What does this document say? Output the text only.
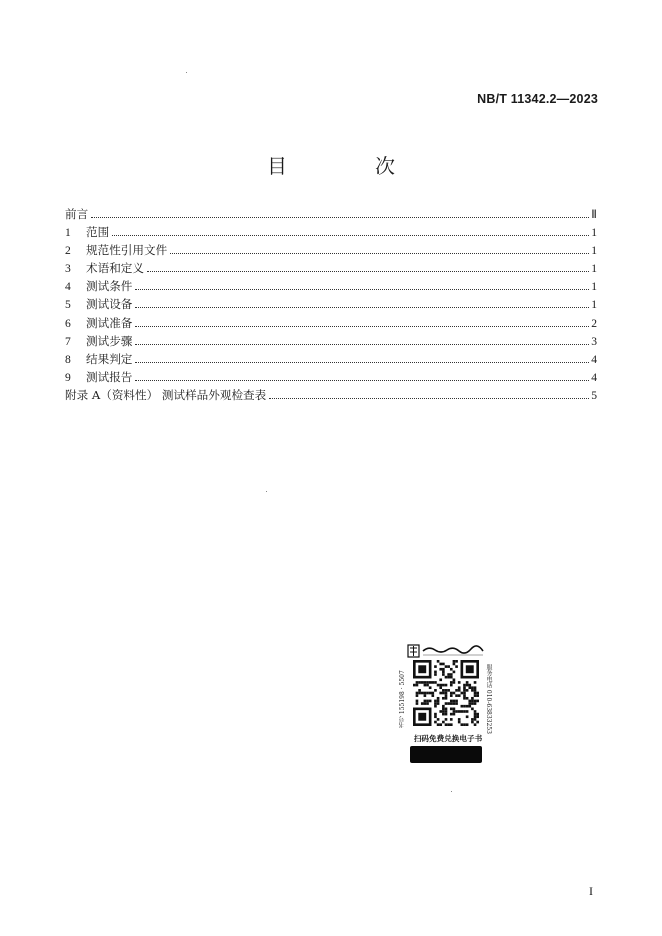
NB/T 11342.2—2023
目　次
前言	Ⅱ
1	范围	1
2	规范性引用文件	1
3	术语和定义	1
4	测试条件	1
5	测试设备	1
6	测试准备	2
7	测试步骤	3
8	结果判定	4
9	测试报告	4
附录 A（资料性） 测试样品外观检查表	5
书号 155198 · 5507	服务电话 010-63833253
扫码免费兑换电子书
I
